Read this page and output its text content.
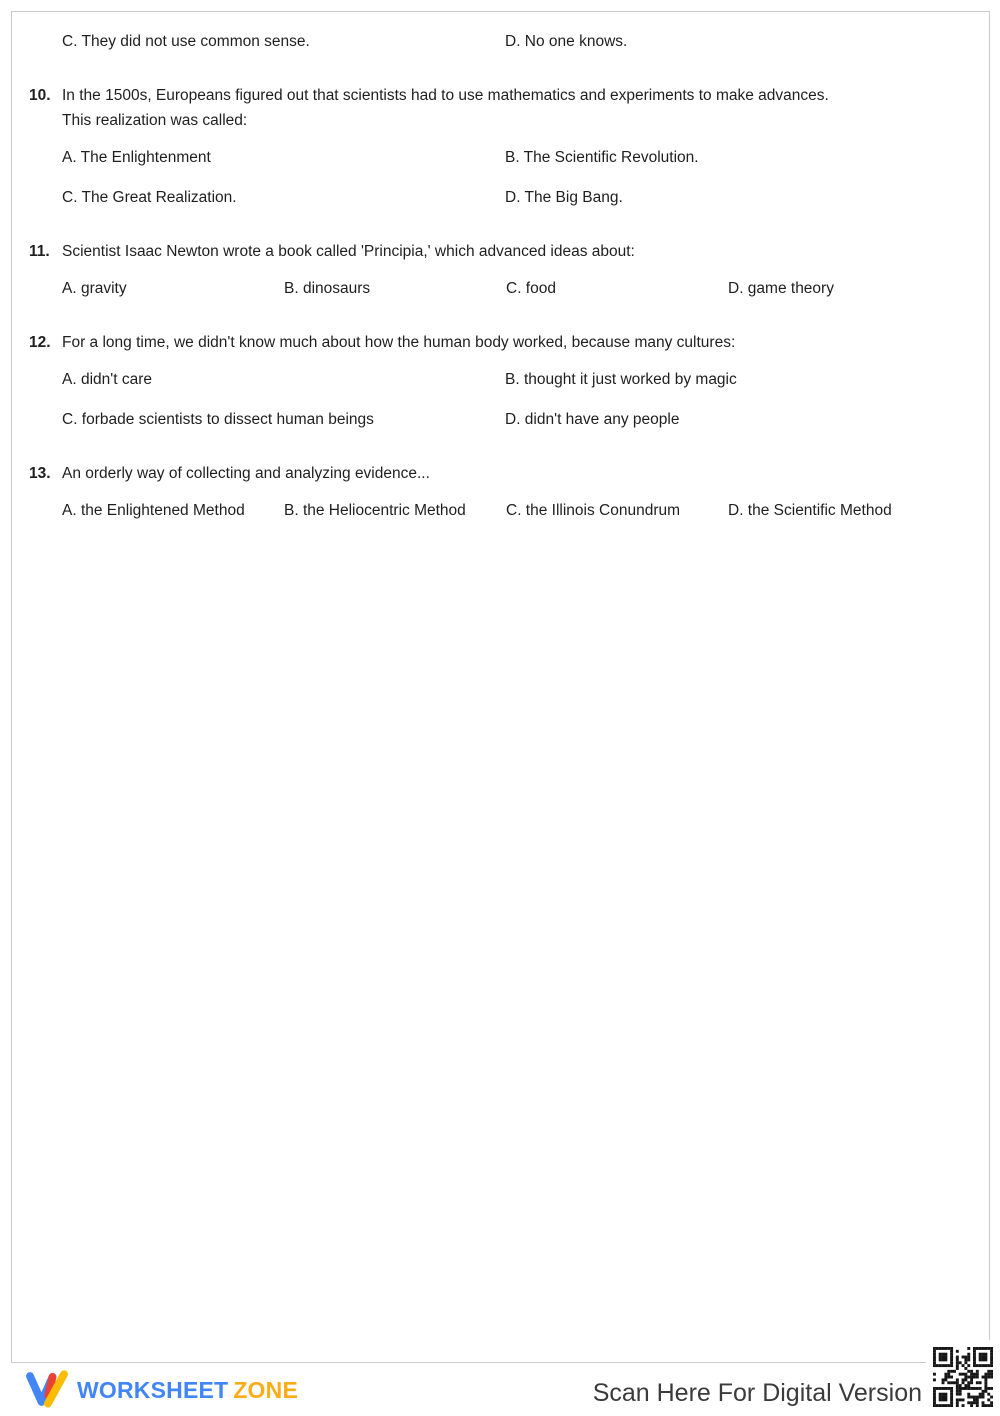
C. They did not use common sense.	D. No one knows.
10. In the 1500s, Europeans figured out that scientists had to use mathematics and experiments to make advances.
This realization was called:
A. The Enlightenment	B. The Scientific Revolution.
C. The Great Realization.	D. The Big Bang.
11. Scientist Isaac Newton wrote a book called 'Principia,' which advanced ideas about:
A. gravity	B. dinosaurs	C. food	D. game theory
12. For a long time, we didn't know much about how the human body worked, because many cultures:
A. didn't care	B. thought it just worked by magic
C. forbade scientists to dissect human beings	D. didn't have any people
13. An orderly way of collecting and analyzing evidence...
A. the Enlightened Method	B. the Heliocentric Method	C. the Illinois Conundrum	D. the Scientific Method
WORKSHEET ZONE	Scan Here For Digital Version
